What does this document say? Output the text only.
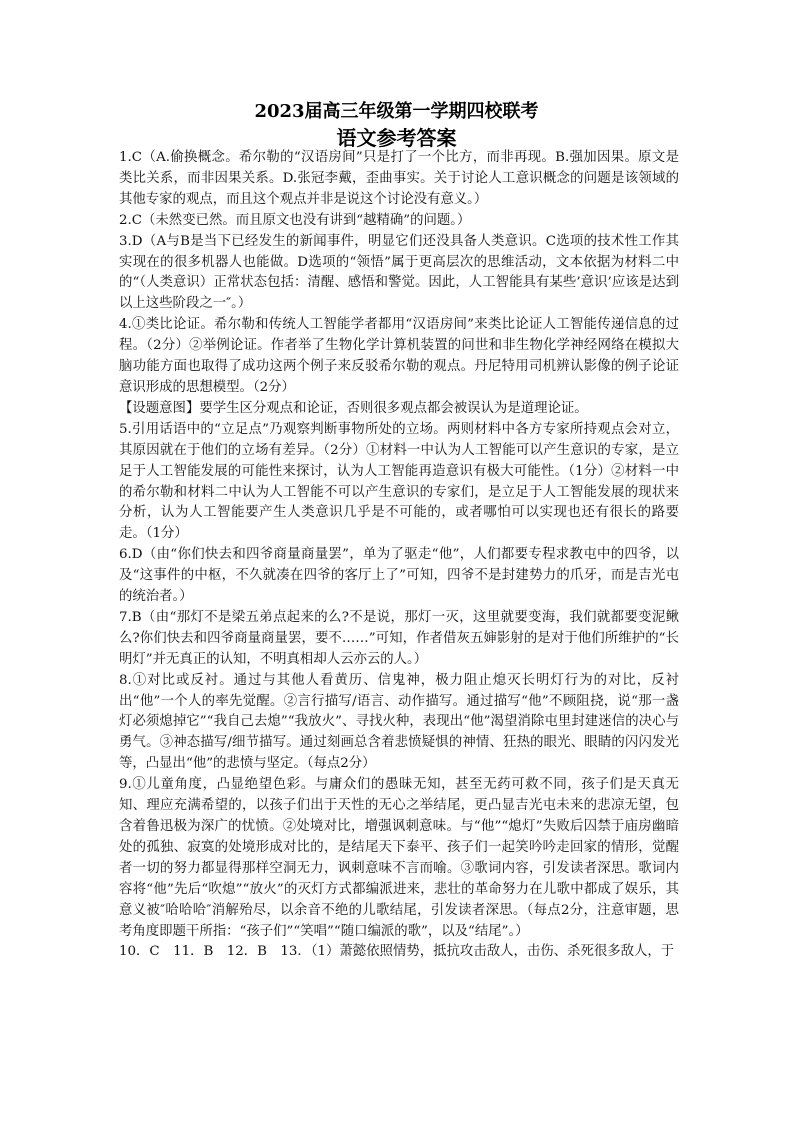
2023届高三年级第一学期四校联考
语文参考答案

1.C（A.偷换概念。希尔勒的“汉语房间”只是打了一个比方，而非再现。B.强加因果。原文是类比关系，而非因果关系。D.张冠李戴，歪曲事实。关于讨论人工意识概念的问题是该领域的其他专家的观点，而且这个观点并非是说这个讨论没有意义。）

2.C（未然变已然。而且原文也没有讲到“越精确”的问题。）

3.D（A与B是当下已经发生的新闻事件，明显它们还没具备人类意识。C选项的技术性工作其实现在的很多机器人也能做。D选项的“领悟”属于更高层次的思维活动，文本依据为材料二中的“（人类意识）正常状态包括：清醒、感悟和警觉。因此，人工智能具有某些’意识’应该是达到以上这些阶段之一″。）

4.①类比论证。希尔勒和传统人工智能学者都用“汉语房间”来类比论证人工智能传递信息的过程。（2分）②举例论证。作者举了生物化学计算机装置的问世和非生物化学神经网络在模拟大脑功能方面也取得了成功这两个例子来反驳希尔勒的观点。丹尼特用司机辨认影像的例子论证意识形成的思想模型。（2分）

【设题意图】要学生区分观点和论证，否则很多观点都会被误认为是道理论证。

5.引用话语中的“立足点”乃观察判断事物所处的立场。两则材料中各方专家所持观点会对立，其原因就在于他们的立场有差异。（2分）①材料一中认为人工智能可以产生意识的专家，是立足于人工智能发展的可能性来探讨，认为人工智能再造意识有极大可能性。（1分）②材料一中的希尔勒和材料二中认为人工智能不可以产生意识的专家们，是立足于人工智能发展的现状来分析，认为人工智能要产生人类意识几乎是不可能的，或者哪怕可以实现也还有很长的路要走。（1分）

6.D（由“你们快去和四爷商量商量罢”，单为了驱走“他”，人们都要专程求教屯中的四爷，以及“这事件的中枢，不久就凑在四爷的客厅上了”可知，四爷不是封建势力的爪牙，而是吉光屯的统治者。）

7.B（由“那灯不是梁五弟点起来的么?不是说，那灯一灭，这里就要变海，我们就都要变泥鳅么?你们快去和四爷商量商量罢，要不……”可知，作者借灰五婶影射的是对于他们所维护的“长明灯”并无真正的认知，不明真相却人云亦云的人。）

8.①对比或反衬。通过与其他人看黄历、信鬼神，极力阻止熄灭长明灯行为的对比，反衬出“他”一个人的率先觉醒。②言行描写/语言、动作描写。通过描写“他”不顾阻挠，说“那一盏灯必须熄掉它”“我自己去熄”“我放火”、寻找火种，表现出“他”渴望消除屯里封建迷信的决心与勇气。③神态描写/细节描写。通过刻画总含着悲愤疑惧的神情、狂热的眼光、眼睛的闪闪发光等，凸显出“他”的悲愤与坚定。（每点2分）

9.①儿童角度，凸显绝望色彩。与庸众们的愚昧无知，甚至无药可救不同，孩子们是天真无知、理应充满希望的，以孩子们出于天性的无心之举结尾，更凸显吉光屯未来的悲凉无望，包含着鲁迅极为深广的忧愤。②处境对比，增强讽刺意味。与“他”“熄灯”失败后囚禁于庙房幽暗处的孤独、寂寞的处境形成对比的，是结尾天下泰平、孩子们一起笑吟吟走回家的情形，觉醒者一切的努力都显得那样空洞无力，讽刺意味不言而喻。③歌词内容，引发读者深思。歌词内容将“他”先后“吹熄”“放火”的灭灯方式都编派进来，悲壮的革命努力在儿歌中都成了娱乐，其意义被″哈哈哈″消解殆尽，以余音不绝的儿歌结尾，引发读者深思。（每点2分，注意审题，思考角度即题干所指：“孩子们”“笑唱”“随口编派的歌”，以及“结尾”。）

10．C　11．B　12．B　13．（1）萧懿依照情势，抵抗攻击敌人，击伤、杀死很多敌人，于
